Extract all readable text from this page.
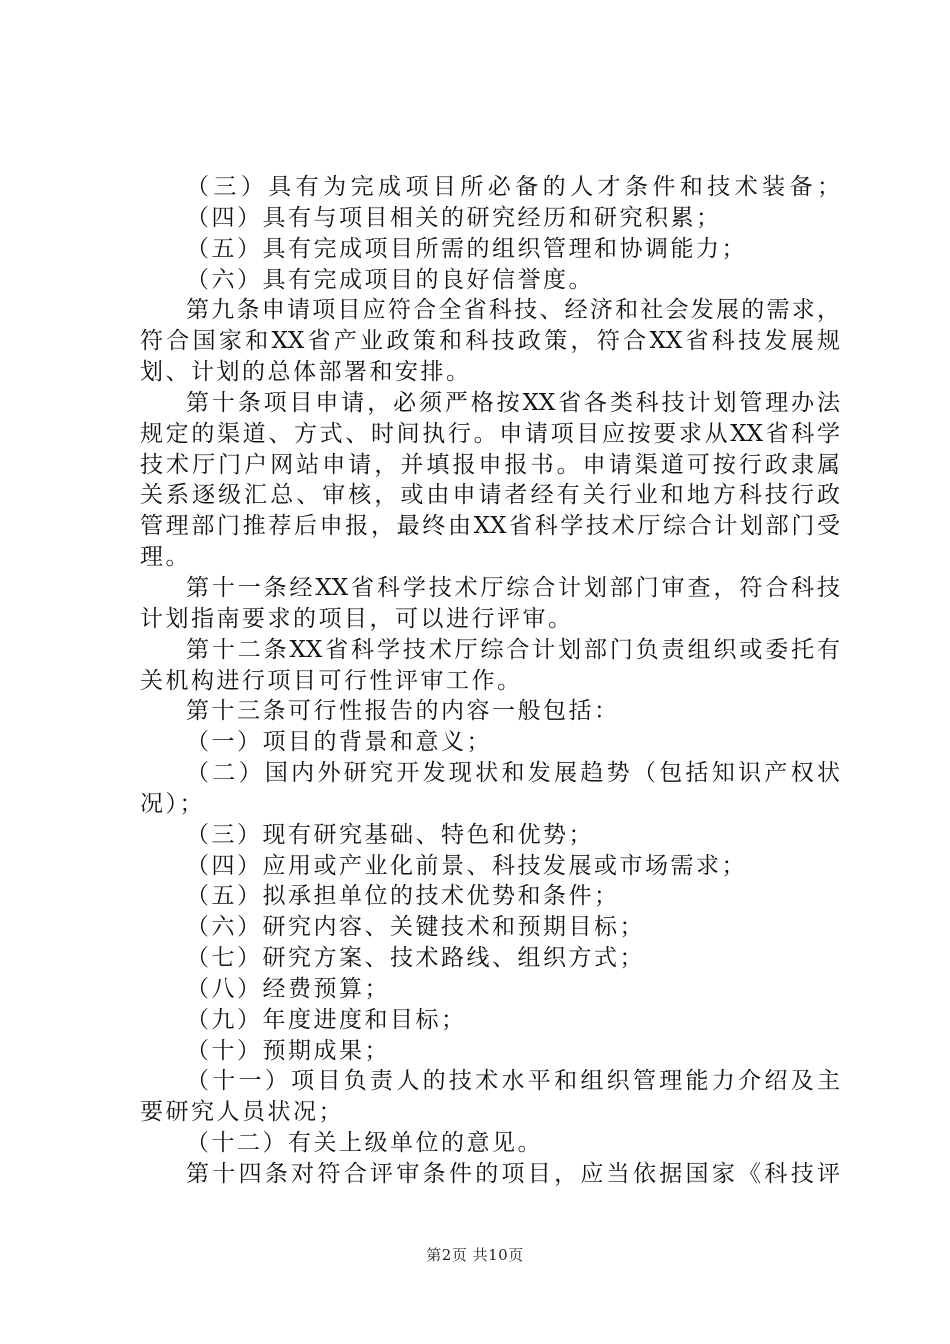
（三）具有为完成项目所必备的人才条件和技术装备；
（四）具有与项目相关的研究经历和研究积累；
（五）具有完成项目所需的组织管理和协调能力；
（六）具有完成项目的良好信誉度。
第九条申请项目应符合全省科技、经济和社会发展的需求，
符合国家和XX省产业政策和科技政策，符合XX省科技发展规
划、计划的总体部署和安排。
第十条项目申请，必须严格按XX省各类科技计划管理办法
规定的渠道、方式、时间执行。申请项目应按要求从XX省科学
技术厅门户网站申请，并填报申报书。申请渠道可按行政隶属
关系逐级汇总、审核，或由申请者经有关行业和地方科技行政
管理部门推荐后申报，最终由XX省科学技术厅综合计划部门受
理。
第十一条经XX省科学技术厅综合计划部门审查，符合科技
计划指南要求的项目，可以进行评审。
第十二条XX省科学技术厅综合计划部门负责组织或委托有
关机构进行项目可行性评审工作。
第十三条可行性报告的内容一般包括：
（一）项目的背景和意义；
（二）国内外研究开发现状和发展趋势（包括知识产权状
况）；
（三）现有研究基础、特色和优势；
（四）应用或产业化前景、科技发展或市场需求；
（五）拟承担单位的技术优势和条件；
（六）研究内容、关键技术和预期目标；
（七）研究方案、技术路线、组织方式；
（八）经费预算；
（九）年度进度和目标；
（十）预期成果；
（十一）项目负责人的技术水平和组织管理能力介绍及主
要研究人员状况；
（十二）有关上级单位的意见。
第十四条对符合评审条件的项目，应当依据国家《科技评
第2页 共10页
